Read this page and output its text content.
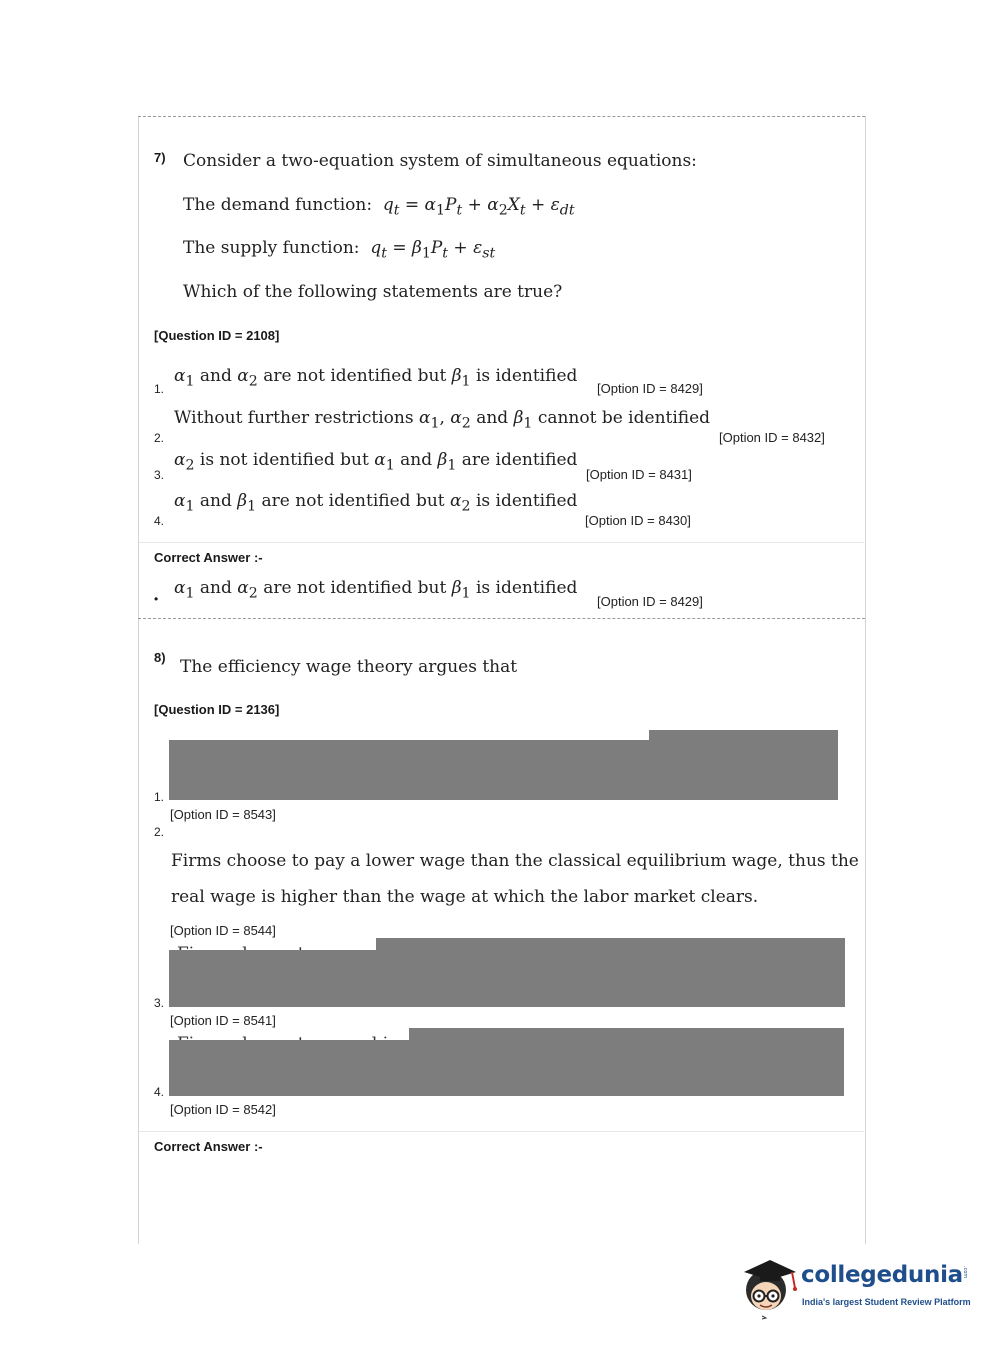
7) Consider a two-equation system of simultaneous equations:
The demand function: $q_t = \alpha_1P_t + \alpha_2X_t + \varepsilon_{dt}$
The supply function: $q_t = \beta_1P_t + \varepsilon_{st}$
Which of the following statements are true?
[Question ID = 2108]
$\alpha_1$ and $\alpha_2$ are not identified but $\beta_1$ is identified
1.	[Option ID = 8429]
Without further restrictions $\alpha_1$, $\alpha_2$ and $\beta_1$ cannot be identified
2.	[Option ID = 8432]
$\alpha_2$ is not identified but $\alpha_1$ and $\beta_1$ are identified
3.	[Option ID = 8431]
$\alpha_1$ and $\beta_1$ are not identified but $\alpha_2$ is identified
4.	[Option ID = 8430]
Correct Answer :-
$\alpha_1$ and $\alpha_2$ are not identified but $\beta_1$ is identified
•	[Option ID = 8429]
8) The efficiency wage theory argues that
[Question ID = 2136]
1.
[Option ID = 8543]
2.
Firms choose to pay a lower wage than the classical equilibrium wage, thus the
real wage is higher than the wage at which the labor market clears.
[Option ID = 8544]
3.
[Option ID = 8541]
4.
[Option ID = 8542]
Correct Answer :-
collegedunia .com
India's largest Student Review Platform
